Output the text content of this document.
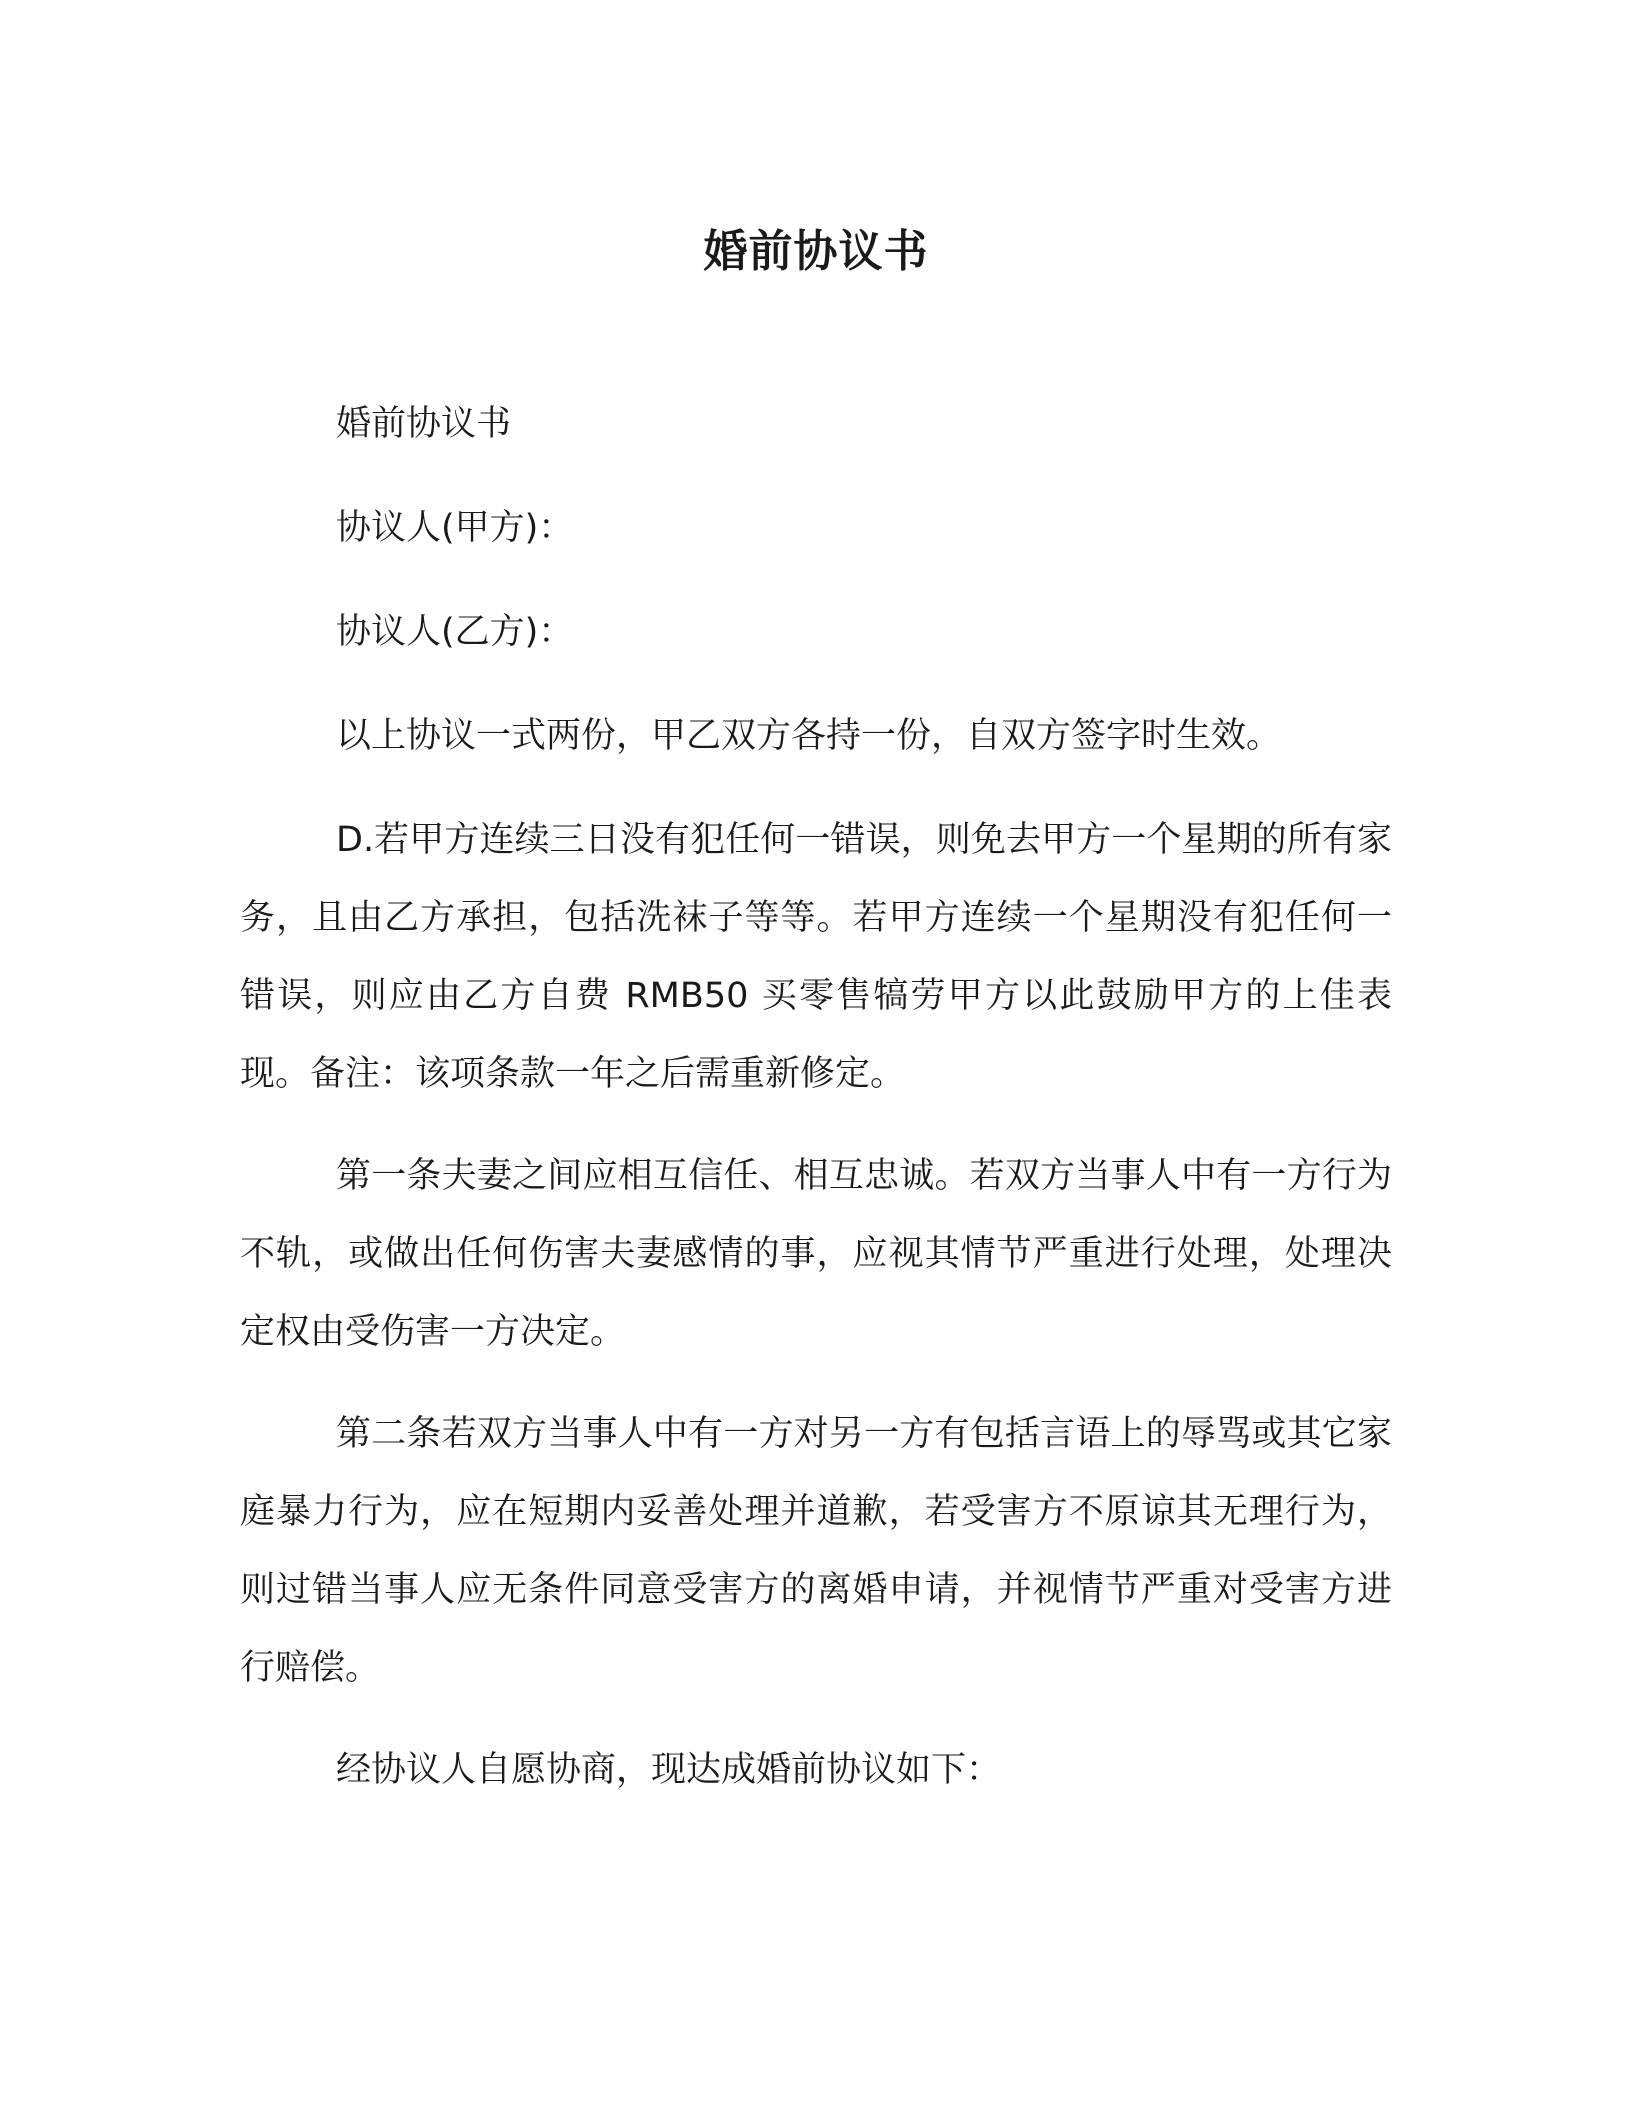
婚前协议书
婚前协议书
协议人(甲方)：
协议人(乙方)：
以上协议一式两份，甲乙双方各持一份，自双方签字时生效。
D.若甲方连续三日没有犯任何一错误，则免去甲方一个星期的所有家务，且由乙方承担，包括洗袜子等等。若甲方连续一个星期没有犯任何一错误，则应由乙方自费 RMB50 买零售犒劳甲方以此鼓励甲方的上佳表现。备注：该项条款一年之后需重新修定。
第一条夫妻之间应相互信任、相互忠诚。若双方当事人中有一方行为不轨，或做出任何伤害夫妻感情的事，应视其情节严重进行处理，处理决定权由受伤害一方决定。
第二条若双方当事人中有一方对另一方有包括言语上的辱骂或其它家庭暴力行为，应在短期内妥善处理并道歉，若受害方不原谅其无理行为，则过错当事人应无条件同意受害方的离婚申请，并视情节严重对受害方进行赔偿。
经协议人自愿协商，现达成婚前协议如下：
